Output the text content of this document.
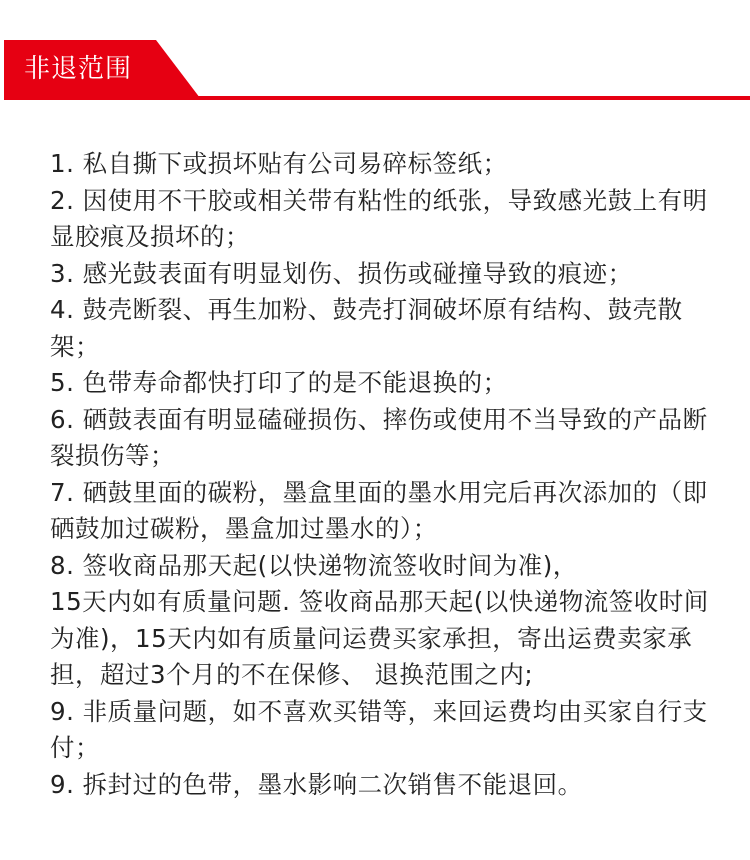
非退范围
1. 私自撕下或损坏贴有公司易碎标签纸；
2. 因使用不干胶或相关带有粘性的纸张，导致感光鼓上有明显胶痕及损坏的；
3. 感光鼓表面有明显划伤、损伤或碰撞导致的痕迹；
4. 鼓壳断裂、再生加粉、鼓壳打洞破坏原有结构、鼓壳散架；
5. 色带寿命都快打印了的是不能退换的；
6. 硒鼓表面有明显磕碰损伤、摔伤或使用不当导致的产品断裂损伤等；
7. 硒鼓里面的碳粉，墨盒里面的墨水用完后再次添加的（即硒鼓加过碳粉，墨盒加过墨水的）；
8. 签收商品那天起(以快递物流签收时间为准)，
15天内如有质量问题. 签收商品那天起(以快递物流签收时间为准)，15天内如有质量问运费买家承担，寄出运费卖家承担，超过3个月的不在保修、 退换范围之内;
9. 非质量问题，如不喜欢买错等，来回运费均由买家自行支付；
9. 拆封过的色带，墨水影响二次销售不能退回。
